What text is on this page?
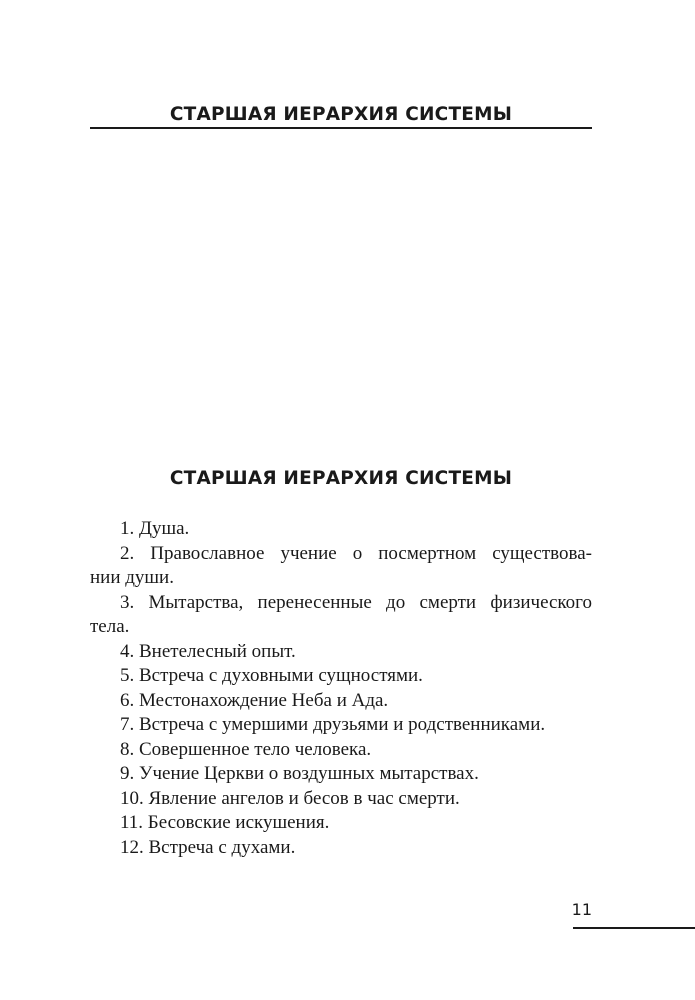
СТАРШАЯ ИЕРАРХИЯ СИСТЕМЫ
СТАРШАЯ ИЕРАРХИЯ СИСТЕМЫ

1. Душа.

2. Православное учение о посмертном существова-
нии души.

3. Мытарства, перенесенные до смерти физического
тела.

4. Внетелесный опыт.

5. Встреча с духовными сущностями.

6. Местонахождение Неба и Ада.

7. Встреча с умершими друзьями и родственниками.

8. Совершенное тело человека.

9. Учение Церкви о воздушных мытарствах.

10. Явление ангелов и бесов в час смерти.

11. Бесовские искушения.

12. Встреча с духами.

11
